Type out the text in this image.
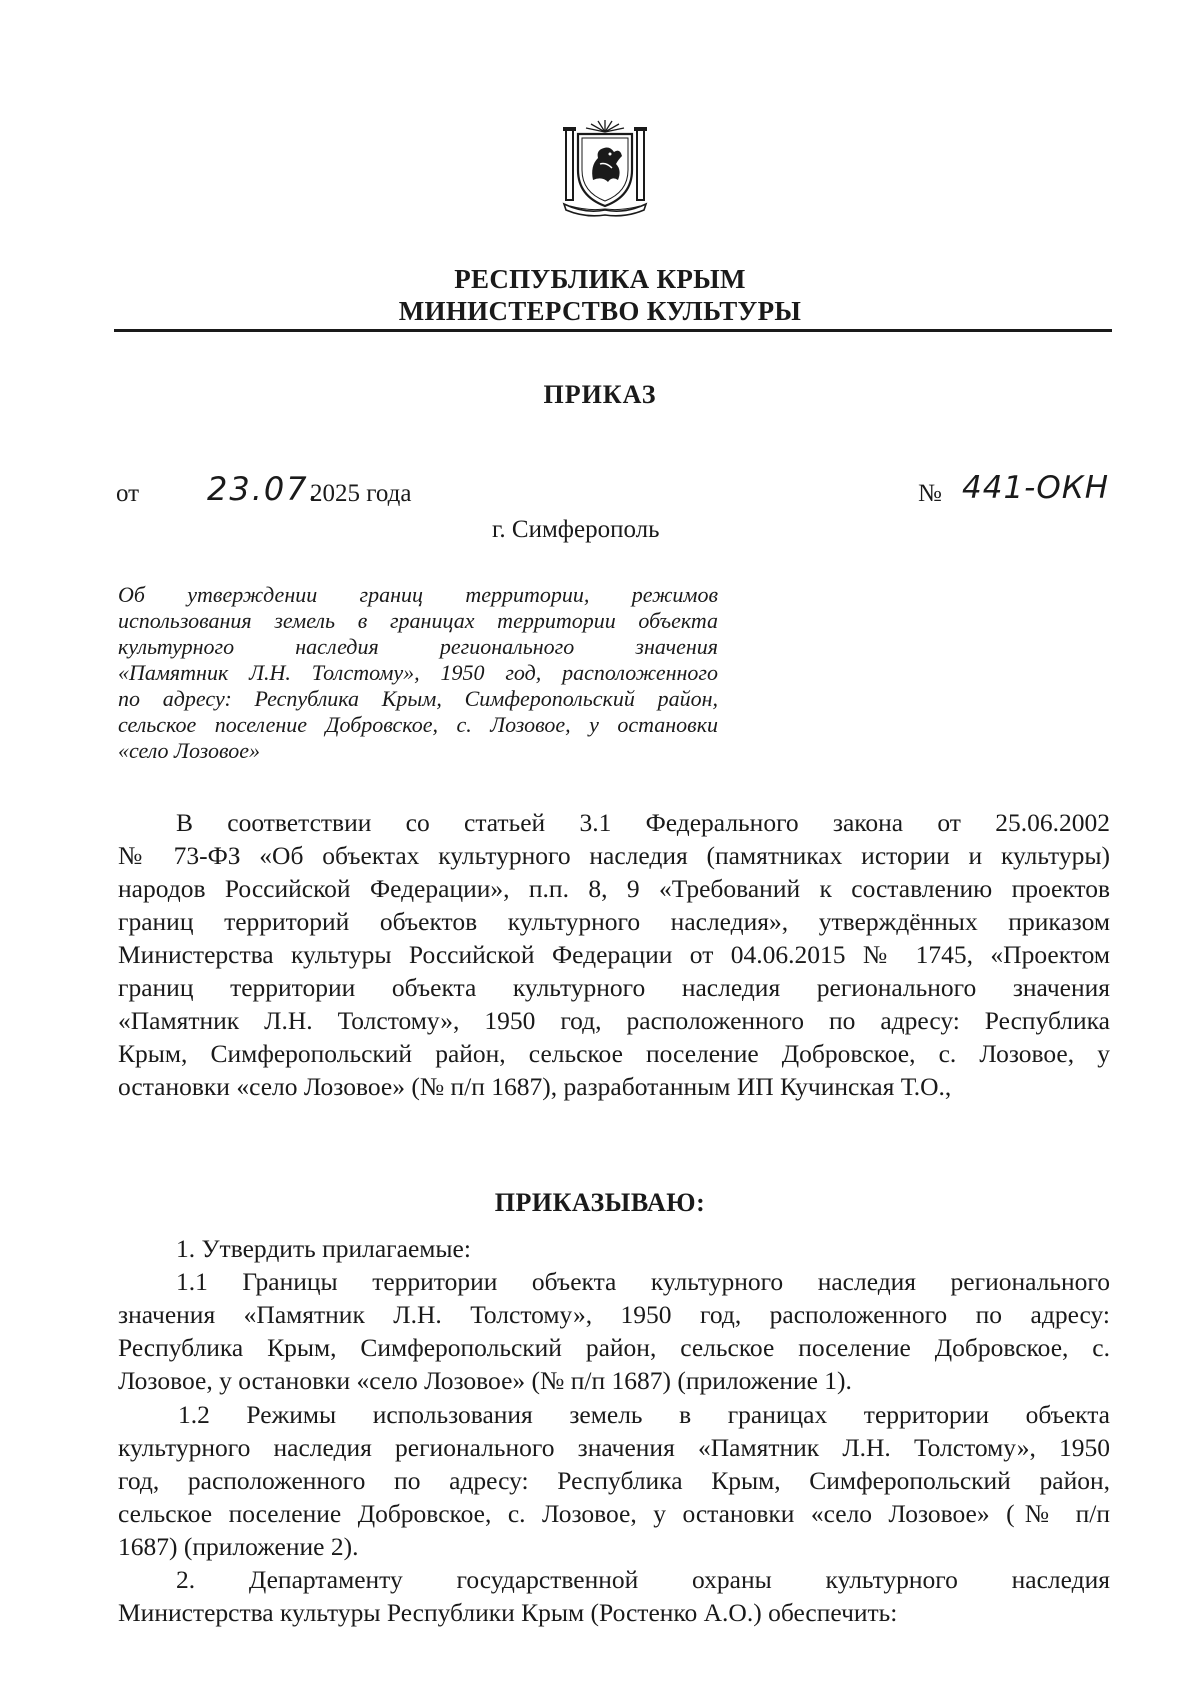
РЕСПУБЛИКА КРЫМ
МИНИСТЕРСТВО КУЛЬТУРЫ
ПРИКАЗ
от 23.07.
2025 года	№ 441-ОКН
г. Симферополь
Об утверждении границ территории, режимов
использования земель в границах территории объекта
культурного наследия регионального значения
«Памятник Л.Н. Толстому», 1950 год, расположенного
по адресу: Республика Крым, Симферопольский район,
сельское поселение Добровское, с. Лозовое, у остановки
«село Лозовое»
В соответствии со статьей 3.1 Федерального закона от 25.06.2002
№ 73-ФЗ «Об объектах культурного наследия (памятниках истории и культуры)
народов Российской Федерации», п.п. 8, 9 «Требований к составлению проектов
границ территорий объектов культурного наследия», утверждённых приказом
Министерства культуры Российской Федерации от 04.06.2015 № 1745, «Проектом
границ территории объекта культурного наследия регионального значения
«Памятник Л.Н. Толстому», 1950 год, расположенного по адресу: Республика
Крым, Симферопольский район, сельское поселение Добровское, с. Лозовое, у
остановки «село Лозовое» (№ п/п 1687), разработанным ИП Кучинская Т.О.,
ПРИКАЗЫВАЮ:
1. Утвердить прилагаемые:
1.1 Границы территории объекта культурного наследия регионального
значения «Памятник Л.Н. Толстому», 1950 год, расположенного по адресу:
Республика Крым, Симферопольский район, сельское поселение Добровское, с.
Лозовое, у остановки «село Лозовое» (№ п/п 1687) (приложение 1).
1.2 Режимы использования земель в границах территории объекта
культурного наследия регионального значения «Памятник Л.Н. Толстому», 1950
год, расположенного по адресу: Республика Крым, Симферопольский район,
сельское поселение Добровское, с. Лозовое, у остановки «село Лозовое» (№ п/п
1687) (приложение 2).
2. Департаменту государственной охраны культурного наследия
Министерства культуры Республики Крым (Ростенко А.О.) обеспечить:
